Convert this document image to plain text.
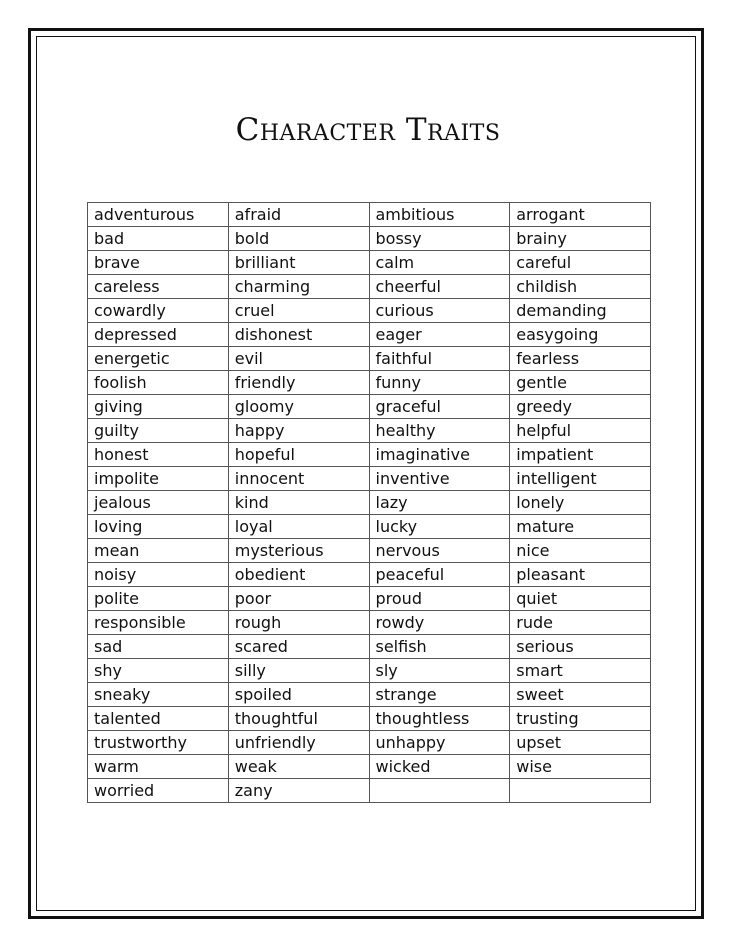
Character Traits
adventurous	afraid	ambitious	arrogant
bad	bold	bossy	brainy
brave	brilliant	calm	careful
careless	charming	cheerful	childish
cowardly	cruel	curious	demanding
depressed	dishonest	eager	easygoing
energetic	evil	faithful	fearless
foolish	friendly	funny	gentle
giving	gloomy	graceful	greedy
guilty	happy	healthy	helpful
honest	hopeful	imaginative	impatient
impolite	innocent	inventive	intelligent
jealous	kind	lazy	lonely
loving	loyal	lucky	mature
mean	mysterious	nervous	nice
noisy	obedient	peaceful	pleasant
polite	poor	proud	quiet
responsible	rough	rowdy	rude
sad	scared	selfish	serious
shy	silly	sly	smart
sneaky	spoiled	strange	sweet
talented	thoughtful	thoughtless	trusting
trustworthy	unfriendly	unhappy	upset
warm	weak	wicked	wise
worried	zany		
